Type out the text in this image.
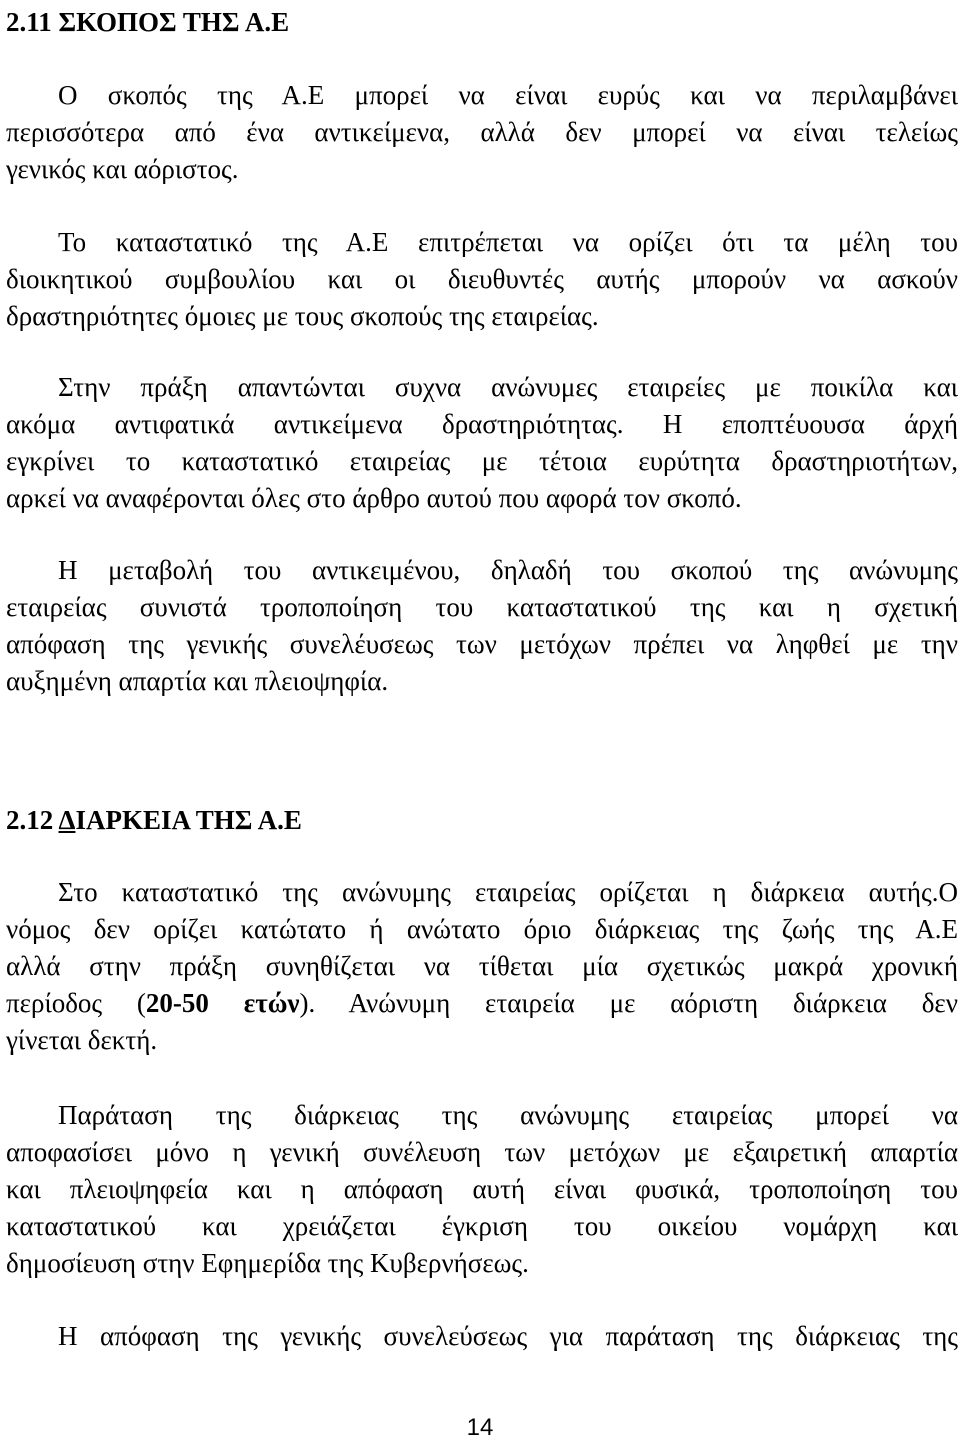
2.11 ΣΚΟΠΟΣ ΤΗΣ Α.Ε
Ο σκοπός της Α.Ε μπορεί να είναι ευρύς και να περιλαμβάνει
περισσότερα από ένα αντικείμενα, αλλά δεν μπορεί να είναι τελείως
γενικός και αόριστος.
Το καταστατικό της Α.Ε επιτρέπεται να ορίζει ότι τα μέλη του
διοικητικού συμβουλίου και οι διευθυντές αυτής μπορούν να ασκούν
δραστηριότητες όμοιες με τους σκοπούς της εταιρείας.
Στην πράξη απαντώνται συχνα ανώνυμες εταιρείες με ποικίλα και
ακόμα αντιφατικά αντικείμενα δραστηριότητας. Η εποπτέυουσα άρχή
εγκρίνει το καταστατικό εταιρείας με τέτοια ευρύτητα δραστηριοτήτων,
αρκεί να αναφέρονται όλες στο άρθρο αυτού που αφορά τον σκοπό.
Η μεταβολή του αντικειμένου, δηλαδή του σκοπού της ανώνυμης
εταιρείας συνιστά τροποποίηση του καταστατικού της και η σχετική
απόφαση της γενικής συνελέυσεως των μετόχων πρέπει να ληφθεί με την
αυξημένη απαρτία και πλειοψηφία.
2.12 ΔΙΑΡΚΕΙΑ ΤΗΣ Α.Ε
Στο καταστατικό της ανώνυμης εταιρείας ορίζεται η διάρκεια αυτής.Ο
νόμος δεν ορίζει κατώτατο ή ανώτατο όριο διάρκειας της ζωής της Α.Ε
αλλά στην πράξη συνηθίζεται να τίθεται μία σχετικώς μακρά χρονική
περίοδος (20-50 ετών). Ανώνυμη εταιρεία με αόριστη διάρκεια δεν
γίνεται δεκτή.
Παράταση της διάρκειας της ανώνυμης εταιρείας μπορεί να
αποφασίσει μόνο η γενική συνέλευση των μετόχων με εξαιρετική απαρτία
και πλειοψηφεία και η απόφαση αυτή είναι φυσικά, τροπoποίηση του
καταστατικού και χρειάζεται έγκριση του οικείου νομάρχη και
δημοσίευση στην Εφημερίδα της Κυβερνήσεως.
Η απόφαση της γενικής συνελεύσεως για παράταση της διάρκειας της
14
